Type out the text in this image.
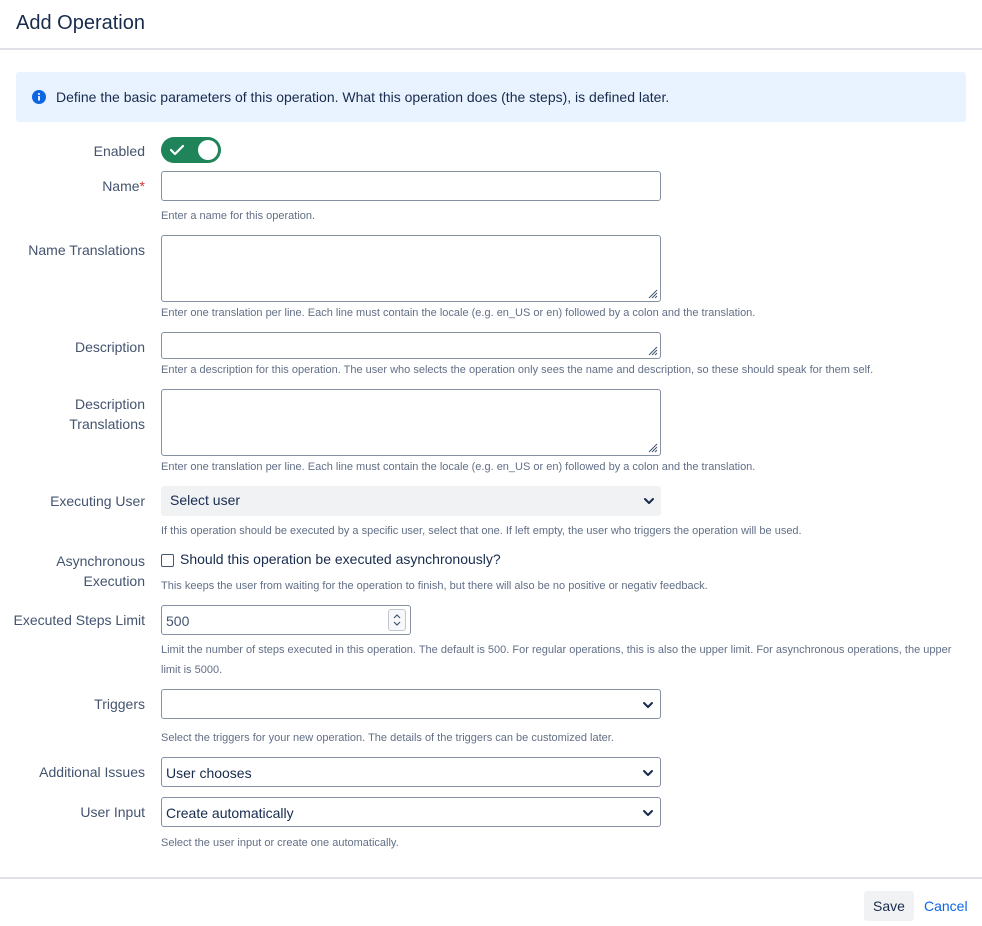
Add Operation
Define the basic parameters of this operation. What this operation does (the steps), is defined later.
Enabled
Name*
Enter a name for this operation.
Name Translations
Enter one translation per line. Each line must contain the locale (e.g. en_US or en) followed by a colon and the translation.
Description
Enter a description for this operation. The user who selects the operation only sees the name and description, so these should speak for them self.
Description
Translations
Enter one translation per line. Each line must contain the locale (e.g. en_US or en) followed by a colon and the translation.
Executing User Select user
If this operation should be executed by a specific user, select that one. If left empty, the user who triggers the operation will be used.
Asynchronous
Execution
Should this operation be executed asynchronously?
This keeps the user from waiting for the operation to finish, but there will also be no positive or negativ feedback.
Executed Steps Limit 500
Limit the number of steps executed in this operation. The default is 500. For regular operations, this is also the upper limit. For asynchronous operations, the upper
limit is 5000.
Triggers
Select the triggers for your new operation. The details of the triggers can be customized later.
Additional Issues User chooses
User Input Create automatically
Select the user input or create one automatically.
Save	Cancel
